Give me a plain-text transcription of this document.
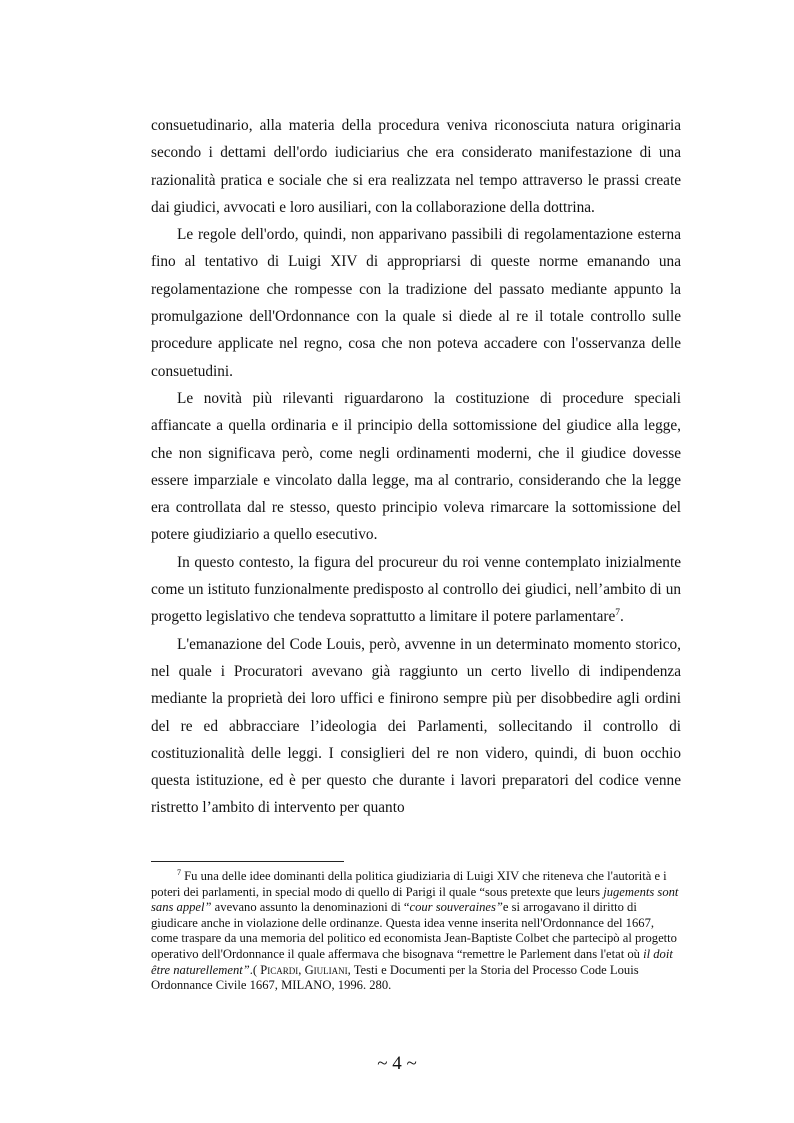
consuetudinario, alla materia della procedura veniva riconosciuta natura originaria secondo i dettami dell'ordo iudiciarius che era considerato manifestazione di una razionalità pratica e sociale che si era realizzata nel tempo attraverso le prassi create dai giudici, avvocati e loro ausiliari, con la collaborazione della dottrina.

Le regole dell'ordo, quindi, non apparivano passibili di regolamentazione esterna fino al tentativo di Luigi XIV di appropriarsi di queste norme emanando una regolamentazione che rompesse con la tradizione del passato mediante appunto la promulgazione dell'Ordonnance con la quale si diede al re il totale controllo sulle procedure applicate nel regno, cosa che non poteva accadere con l'osservanza delle consuetudini.

Le novità più rilevanti riguardarono la costituzione di procedure speciali affiancate a quella ordinaria e il principio della sottomissione del giudice alla legge, che non significava però, come negli ordinamenti moderni, che il giudice dovesse essere imparziale e vincolato dalla legge, ma al contrario, considerando che la legge era controllata dal re stesso, questo principio voleva rimarcare la sottomissione del potere giudiziario a quello esecutivo.

In questo contesto, la figura del procureur du roi venne contemplato inizialmente come un istituto funzionalmente predisposto al controllo dei giudici, nell’ambito di un progetto legislativo che tendeva soprattutto a limitare il potere parlamentare$^7$.

L'emanazione del Code Louis, però, avvenne in un determinato momento storico, nel quale i Procuratori avevano già raggiunto un certo livello di indipendenza mediante la proprietà dei loro uffici e finirono sempre più per disobbedire agli ordini del re ed abbracciare l’ideologia dei Parlamenti, sollecitando il controllo di costituzionalità delle leggi. I consiglieri del re non videro, quindi, di buon occhio questa istituzione, ed è per questo che durante i lavori preparatori del codice venne ristretto l’ambito di intervento per quanto

$^7$ Fu una delle idee dominanti della politica giudiziaria di Luigi XIV che riteneva che l'autorità e i poteri dei parlamenti, in special modo di quello di Parigi il quale “sous pretexte que leurs jugements sont sans appel” avevano assunto la denominazioni di “cour souveraines”e si arrogavano il diritto di giudicare anche in violazione delle ordinanze. Questa idea venne inserita nell'Ordonnance del 1667, come traspare da una memoria del politico ed economista Jean-Baptiste Colbet che partecipò al progetto operativo dell'Ordonnance il quale affermava che bisognava “remettre le Parlement dans l'etat où il doit être naturellement”.( Picardi, Giuliani, Testi e Documenti per la Storia del Processo Code Louis Ordonnance Civile 1667, MILANO, 1996. 280.
~ 4 ~
